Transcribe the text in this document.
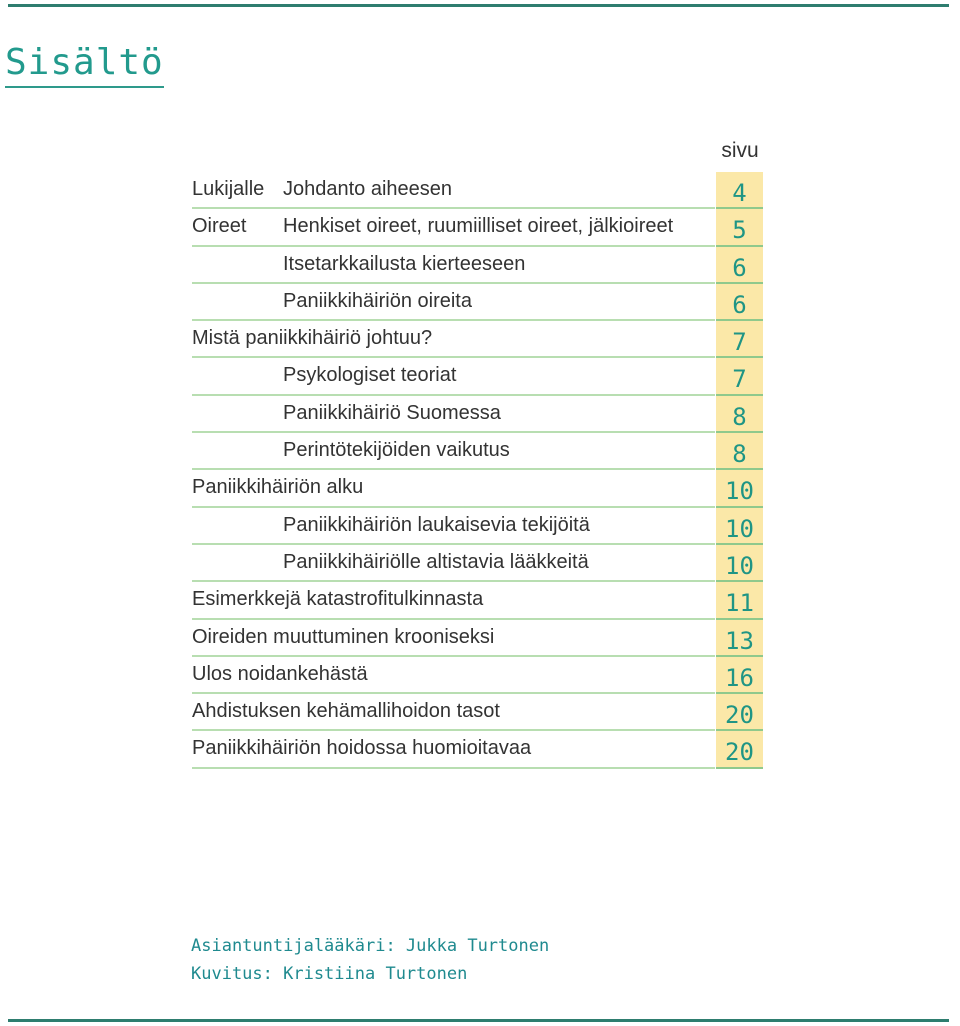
Sisältö
sivu
Lukijalle Johdanto aiheesen	4
Oireet Henkiset oireet, ruumiilliset oireet, jälkioireet	5
Itsetarkkailusta kierteeseen	6
Paniikkihäiriön oireita	6
Mistä paniikkihäiriö johtuu?	7
Psykologiset teoriat	7
Paniikkihäiriö Suomessa	8
Perintötekijöiden vaikutus	8
Paniikkihäiriön alku	10
Paniikkihäiriön laukaisevia tekijöitä	10
Paniikkihäiriölle altistavia lääkkeitä	10
Esimerkkejä katastrofitulkinnasta	11
Oireiden muuttuminen krooniseksi	13
Ulos noidankehästä	16
Ahdistuksen kehämallihoidon tasot	20
Paniikkihäiriön hoidossa huomioitavaa	20
Asiantuntijalääkäri: Jukka Turtonen
Kuvitus: Kristiina Turtonen
